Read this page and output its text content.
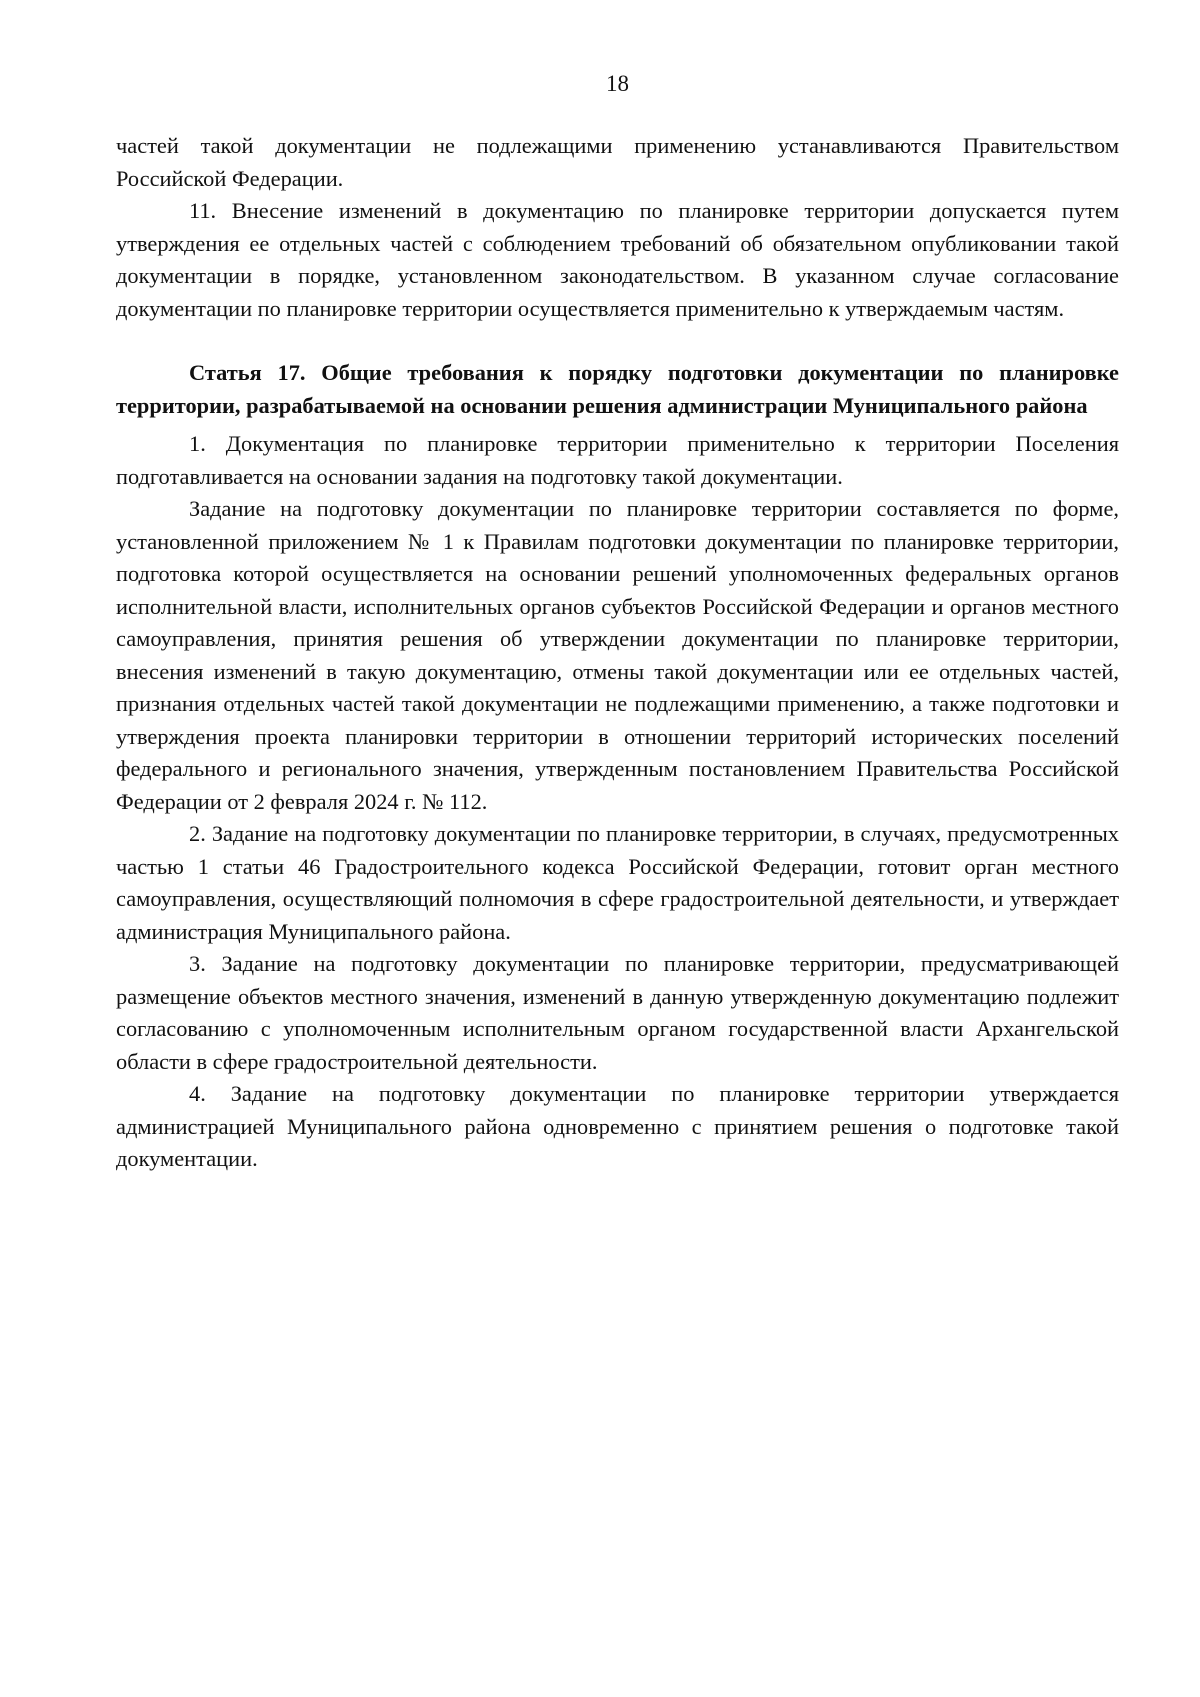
18

частей такой документации не подлежащими применению устанавливаются Правительством Российской Федерации.

11. Внесение изменений в документацию по планировке территории допускается путем утверждения ее отдельных частей с соблюдением требований об обязательном опубликовании такой документации в порядке, установленном законодательством. В указанном случае согласование документации по планировке территории осуществляется применительно к утверждаемым частям.

Статья 17. Общие требования к порядку подготовки документации по планировке территории, разрабатываемой на основании решения администрации Муниципального района

1. Документация по планировке территории применительно к территории Поселения подготавливается на основании задания на подготовку такой документации.

Задание на подготовку документации по планировке территории составляется по форме, установленной приложением № 1 к Правилам подготовки документации по планировке территории, подготовка которой осуществляется на основании решений уполномоченных федеральных органов исполнительной власти, исполнительных органов субъектов Российской Федерации и органов местного самоуправления, принятия решения об утверждении документации по планировке территории, внесения изменений в такую документацию, отмены такой документации или ее отдельных частей, признания отдельных частей такой документации не подлежащими применению, а также подготовки и утверждения проекта планировки территории в отношении территорий исторических поселений федерального и регионального значения, утвержденным постановлением Правительства Российской Федерации от 2 февраля 2024 г. № 112.

2. Задание на подготовку документации по планировке территории, в случаях, предусмотренных частью 1 статьи 46 Градостроительного кодекса Российской Федерации, готовит орган местного самоуправления, осуществляющий полномочия в сфере градостроительной деятельности, и утверждает администрация Муниципального района.

3. Задание на подготовку документации по планировке территории, предусматривающей размещение объектов местного значения, изменений в данную утвержденную документацию подлежит согласованию с уполномоченным исполнительным органом государственной власти Архангельской области в сфере градостроительной деятельности.

4. Задание на подготовку документации по планировке территории утверждается администрацией Муниципального района одновременно с принятием решения о подготовке такой документации.
